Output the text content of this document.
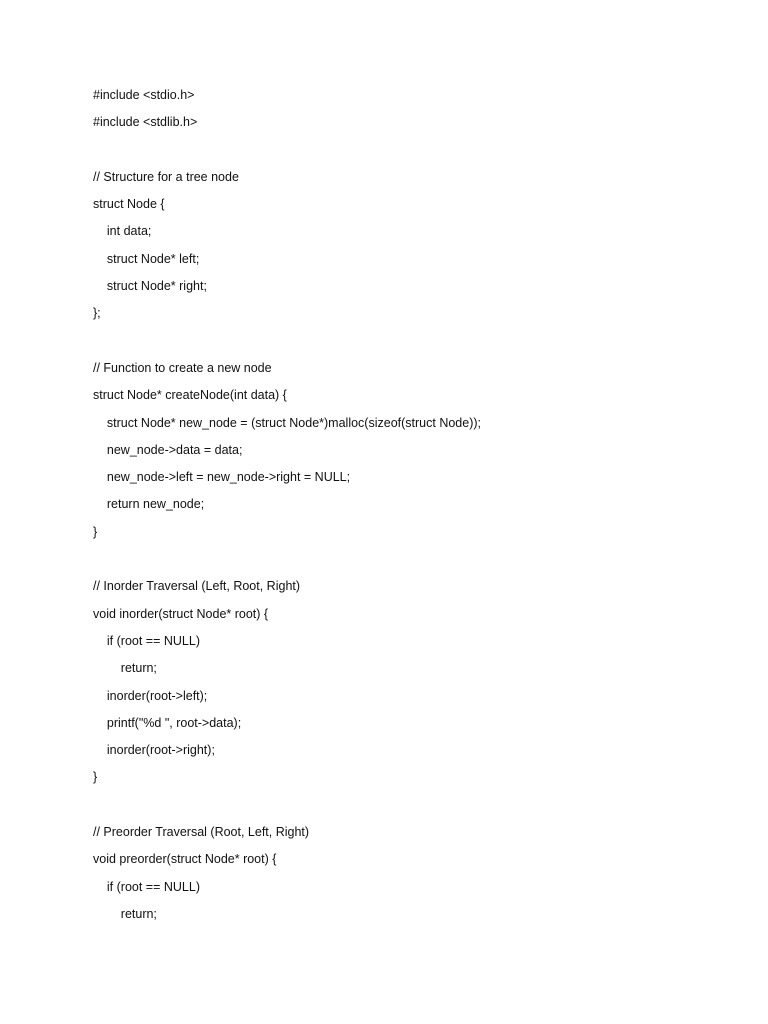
#include <stdio.h>
#include <stdlib.h>
// Structure for a tree node
struct Node {
int data;
struct Node* left;
struct Node* right;
};
// Function to create a new node
struct Node* createNode(int data) {
struct Node* new_node = (struct Node*)malloc(sizeof(struct Node));
new_node->data = data;
new_node->left = new_node->right = NULL;
return new_node;
}
// Inorder Traversal (Left, Root, Right)
void inorder(struct Node* root) {
if (root == NULL)
return;
inorder(root->left);
printf("%d ", root->data);
inorder(root->right);
}
// Preorder Traversal (Root, Left, Right)
void preorder(struct Node* root) {
if (root == NULL)
return;
